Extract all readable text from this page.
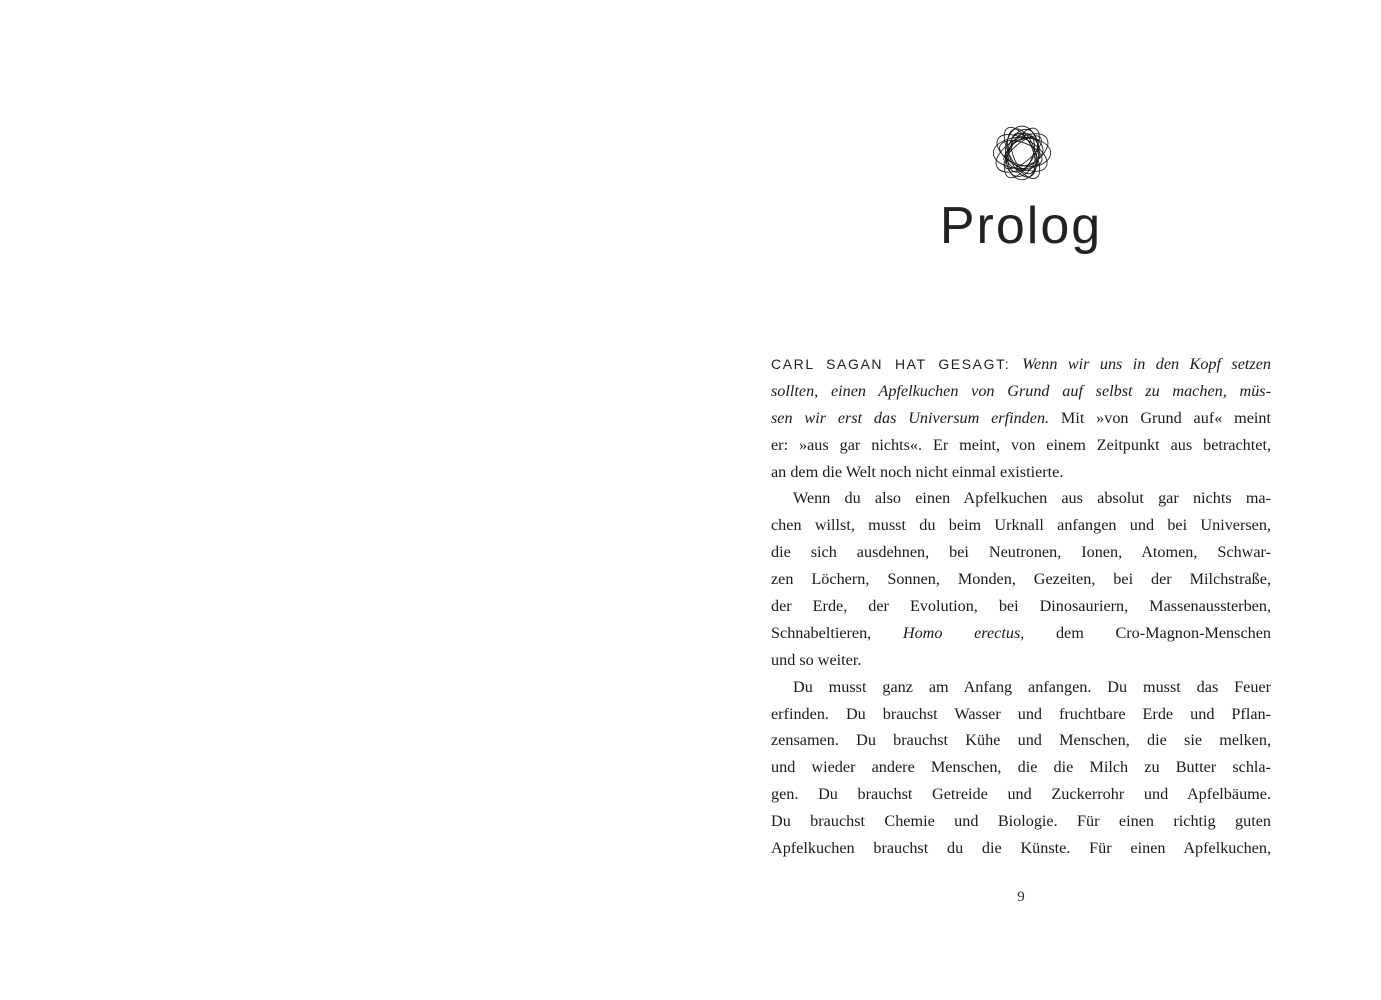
Prolog
CARL SAGAN HAT GESAGT: Wenn wir uns in den Kopf setzen
sollten, einen Apfelkuchen von Grund auf selbst zu machen, müs-
sen wir erst das Universum erfinden. Mit »von Grund auf« meint
er: »aus gar nichts«. Er meint, von einem Zeitpunkt aus betrachtet,
an dem die Welt noch nicht einmal existierte.
Wenn du also einen Apfelkuchen aus absolut gar nichts ma-
chen willst, musst du beim Urknall anfangen und bei Universen,
die sich ausdehnen, bei Neutronen, Ionen, Atomen, Schwar-
zen Löchern, Sonnen, Monden, Gezeiten, bei der Milchstraße,
der Erde, der Evolution, bei Dinosauriern, Massenaussterben,
Schnabeltieren, Homo erectus, dem Cro-Magnon-Menschen
und so weiter.
Du musst ganz am Anfang anfangen. Du musst das Feuer
erfinden. Du brauchst Wasser und fruchtbare Erde und Pflan-
zensamen. Du brauchst Kühe und Menschen, die sie melken,
und wieder andere Menschen, die die Milch zu Butter schla-
gen. Du brauchst Getreide und Zuckerrohr und Apfelbäume.
Du brauchst Chemie und Biologie. Für einen richtig guten
Apfelkuchen brauchst du die Künste. Für einen Apfelkuchen,
9
